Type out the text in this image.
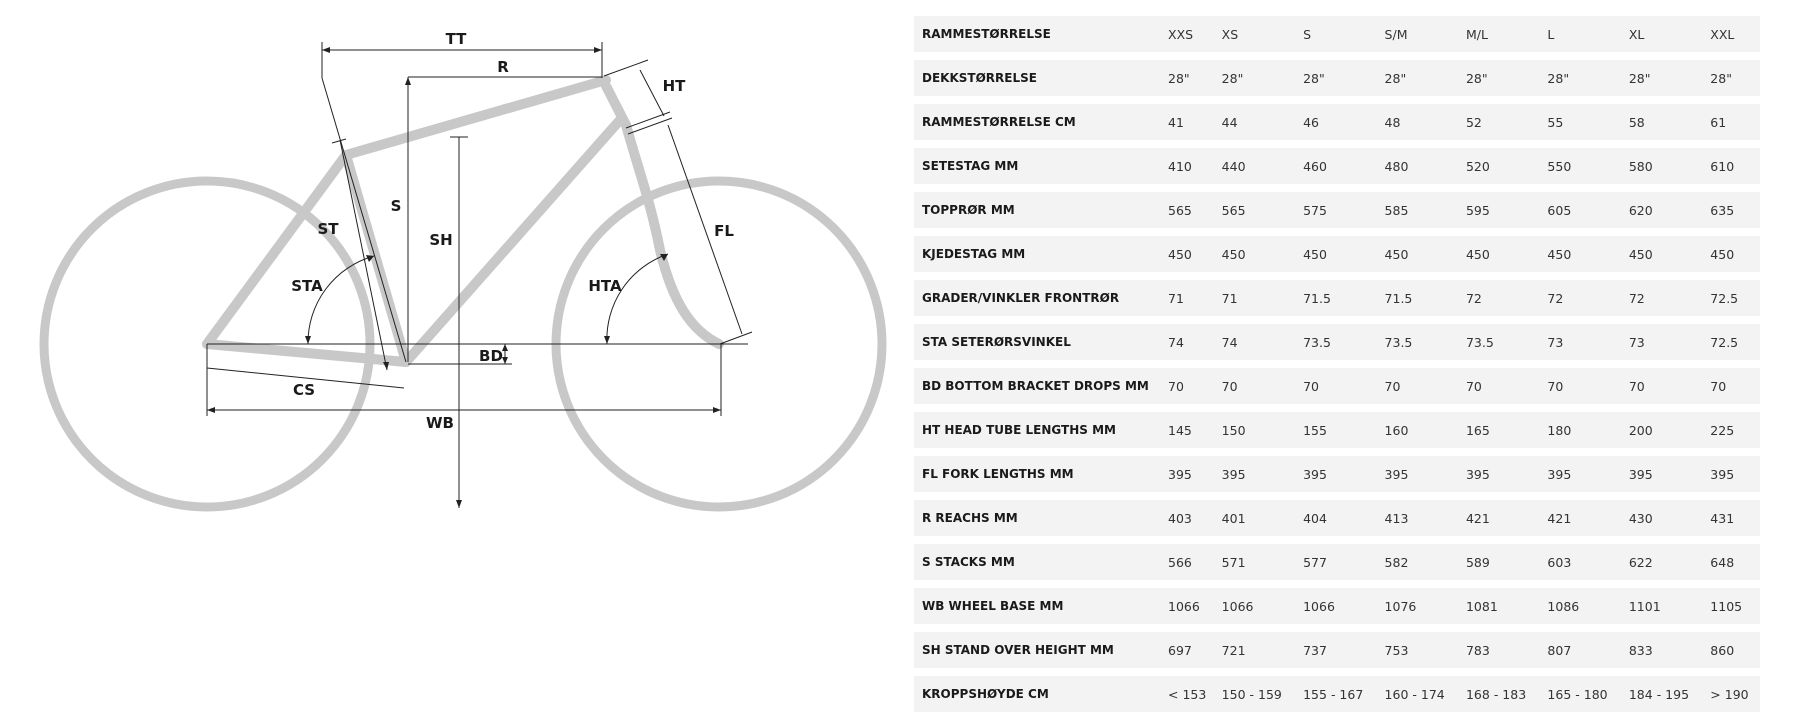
TT
R
HT
S
SH
ST
STA	HTA
FL
BD
CS
WB
RAMMESTØRRELSE	XXS	XS	S	S/M	M/L	L	XL	XXL
DEKKSTØRRELSE	28"	28"	28"	28"	28"	28"	28"	28"
RAMMESTØRRELSE CM	41	44	46	48	52	55	58	61
SETESTAG MM	410	440	460	480	520	550	580	610
TOPPRØR MM	565	565	575	585	595	605	620	635
KJEDESTAG MM	450	450	450	450	450	450	450	450
GRADER/VINKLER FRONTRØR	71	71	71.5	71.5	72	72	72	72.5
STA SETERØRSVINKEL	74	74	73.5	73.5	73.5	73	73	72.5
BD BOTTOM BRACKET DROPS MM	70	70	70	70	70	70	70	70
HT HEAD TUBE LENGTHS MM	145	150	155	160	165	180	200	225
FL FORK LENGTHS MM	395	395	395	395	395	395	395	395
R REACHS MM	403	401	404	413	421	421	430	431
S STACKS MM	566	571	577	582	589	603	622	648
WB WHEEL BASE MM	1066	1066	1066	1076	1081	1086	1101	1105
SH STAND OVER HEIGHT MM	697	721	737	753	783	807	833	860
KROPPSHØYDE CM	< 153	150 - 159	155 - 167	160 - 174	168 - 183	165 - 180	184 - 195	> 190
